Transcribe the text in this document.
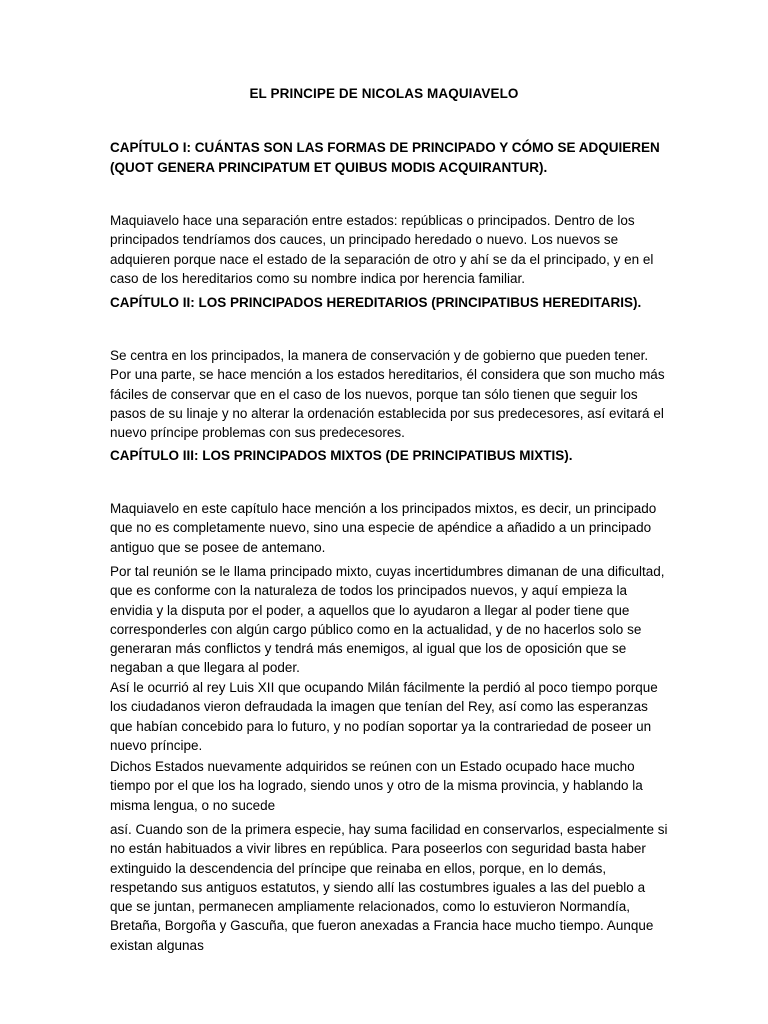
EL PRINCIPE DE NICOLAS MAQUIAVELO
CAPÍTULO I: CUÁNTAS SON LAS FORMAS DE PRINCIPADO Y CÓMO SE ADQUIEREN (QUOT GENERA PRINCIPATUM ET QUIBUS MODIS ACQUIRANTUR).
Maquiavelo hace una separación entre estados: repúblicas o principados. Dentro de los principados tendríamos dos cauces, un principado heredado o nuevo. Los nuevos se adquieren porque nace el estado de la separación de otro y ahí se da el principado, y en el caso de los hereditarios como su nombre indica por herencia familiar.
CAPÍTULO II: LOS PRINCIPADOS HEREDITARIOS (PRINCIPATIBUS HEREDITARIS).
Se centra en los principados, la manera de conservación y de gobierno que pueden tener. Por una parte, se hace mención a los estados hereditarios, él considera que son mucho más fáciles de conservar que en el caso de los nuevos, porque tan sólo tienen que seguir los pasos de su linaje y no alterar la ordenación establecida por sus predecesores, así evitará el nuevo príncipe problemas con sus predecesores.
CAPÍTULO III: LOS PRINCIPADOS MIXTOS (DE PRINCIPATIBUS MIXTIS).
Maquiavelo en este capítulo hace mención a los principados mixtos, es decir, un principado que no es completamente nuevo, sino una especie de apéndice a añadido a un principado antiguo que se posee de antemano.
Por tal reunión se le llama principado mixto, cuyas incertidumbres dimanan de una dificultad, que es conforme con la naturaleza de todos los principados nuevos, y aquí empieza la envidia y la disputa por el poder, a aquellos que lo ayudaron a llegar al poder tiene que corresponderles con algún cargo público como en la actualidad, y de no hacerlos solo se generaran más conflictos y tendrá más enemigos, al igual que los de oposición que se negaban a que llegara al poder.
Así le ocurrió al rey Luis XII que ocupando Milán fácilmente la perdió al poco tiempo porque los ciudadanos vieron defraudada la imagen que tenían del Rey, así como las esperanzas que habían concebido para lo futuro, y no podían soportar ya la contrariedad de poseer un nuevo príncipe.
Dichos Estados nuevamente adquiridos se reúnen con un Estado ocupado hace mucho tiempo por el que los ha logrado, siendo unos y otro de la misma provincia, y hablando la misma lengua, o no sucede
así. Cuando son de la primera especie, hay suma facilidad en conservarlos, especialmente si no están habituados a vivir libres en república. Para poseerlos con seguridad basta haber extinguido la descendencia del príncipe que reinaba en ellos, porque, en lo demás, respetando sus antiguos estatutos, y siendo allí las costumbres iguales a las del pueblo a que se juntan, permanecen ampliamente relacionados, como lo estuvieron Normandía, Bretaña, Borgoña y Gascuña, que fueron anexadas a Francia hace mucho tiempo. Aunque existan algunas
